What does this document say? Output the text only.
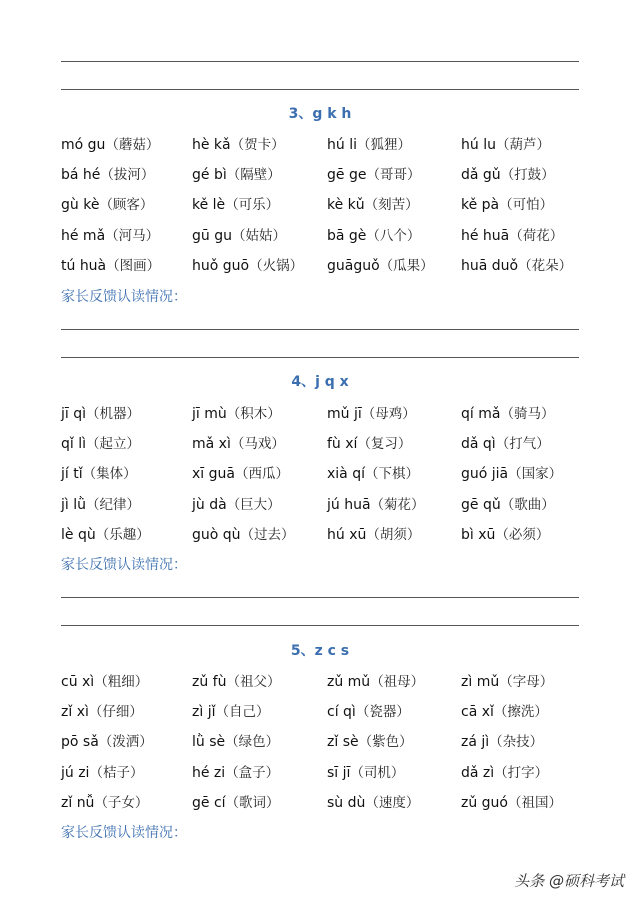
3、g k h
mó gu（蘑菇） hè kǎ（贺卡）	hú li（狐狸）	hú lu（葫芦）
bá hé（拔河）	gé bì（隔壁）	gē ge（哥哥）	dǎ gǔ（打鼓）
gù kè（顾客）	kě lè（可乐）	kè kǔ（刻苦）	kě pà（可怕）
hé mǎ（河马） gū gu（姑姑）	bā gè（八个）	hé huā（荷花）
tú huà（图画） huǒ guō（火锅） guāguǒ（瓜果） huā duǒ（花朵）
家长反馈认读情况：
4、j q x
jī qì（机器）	jī mù（积木）	mǔ jī（母鸡）	qí mǎ（骑马）
qǐ lì（起立）	mǎ xì（马戏）	fù xí（复习）	dǎ qì（打气）
jí tǐ（集体）	xī guā（西瓜）	xià qí（下棋）	guó jiā（国家）
jì lǜ（纪律）	jù dà（巨大）	jú huā（菊花）	gē qǔ（歌曲）
lè qù（乐趣）	guò qù（过去） hú xū（胡须）	bì xū（必须）
家长反馈认读情况：
5、z c s
cū xì（粗细）	zǔ fù（祖父）	zǔ mǔ（祖母）	zì mǔ（字母）
zǐ xì（仔细）	zì jǐ（自己）	cí qì（瓷器）	cā xǐ（擦洗）
pō sǎ（泼洒）	lǜ sè（绿色）	zǐ sè（紫色）	zá jì（杂技）
jú zi（桔子）	hé zi（盒子）	sī jī（司机）	dǎ zì（打字）
zǐ nǚ（子女）	gē cí（歌词）	sù dù（速度）	zǔ guó（祖国）
家长反馈认读情况：
头条 @硕科考试
